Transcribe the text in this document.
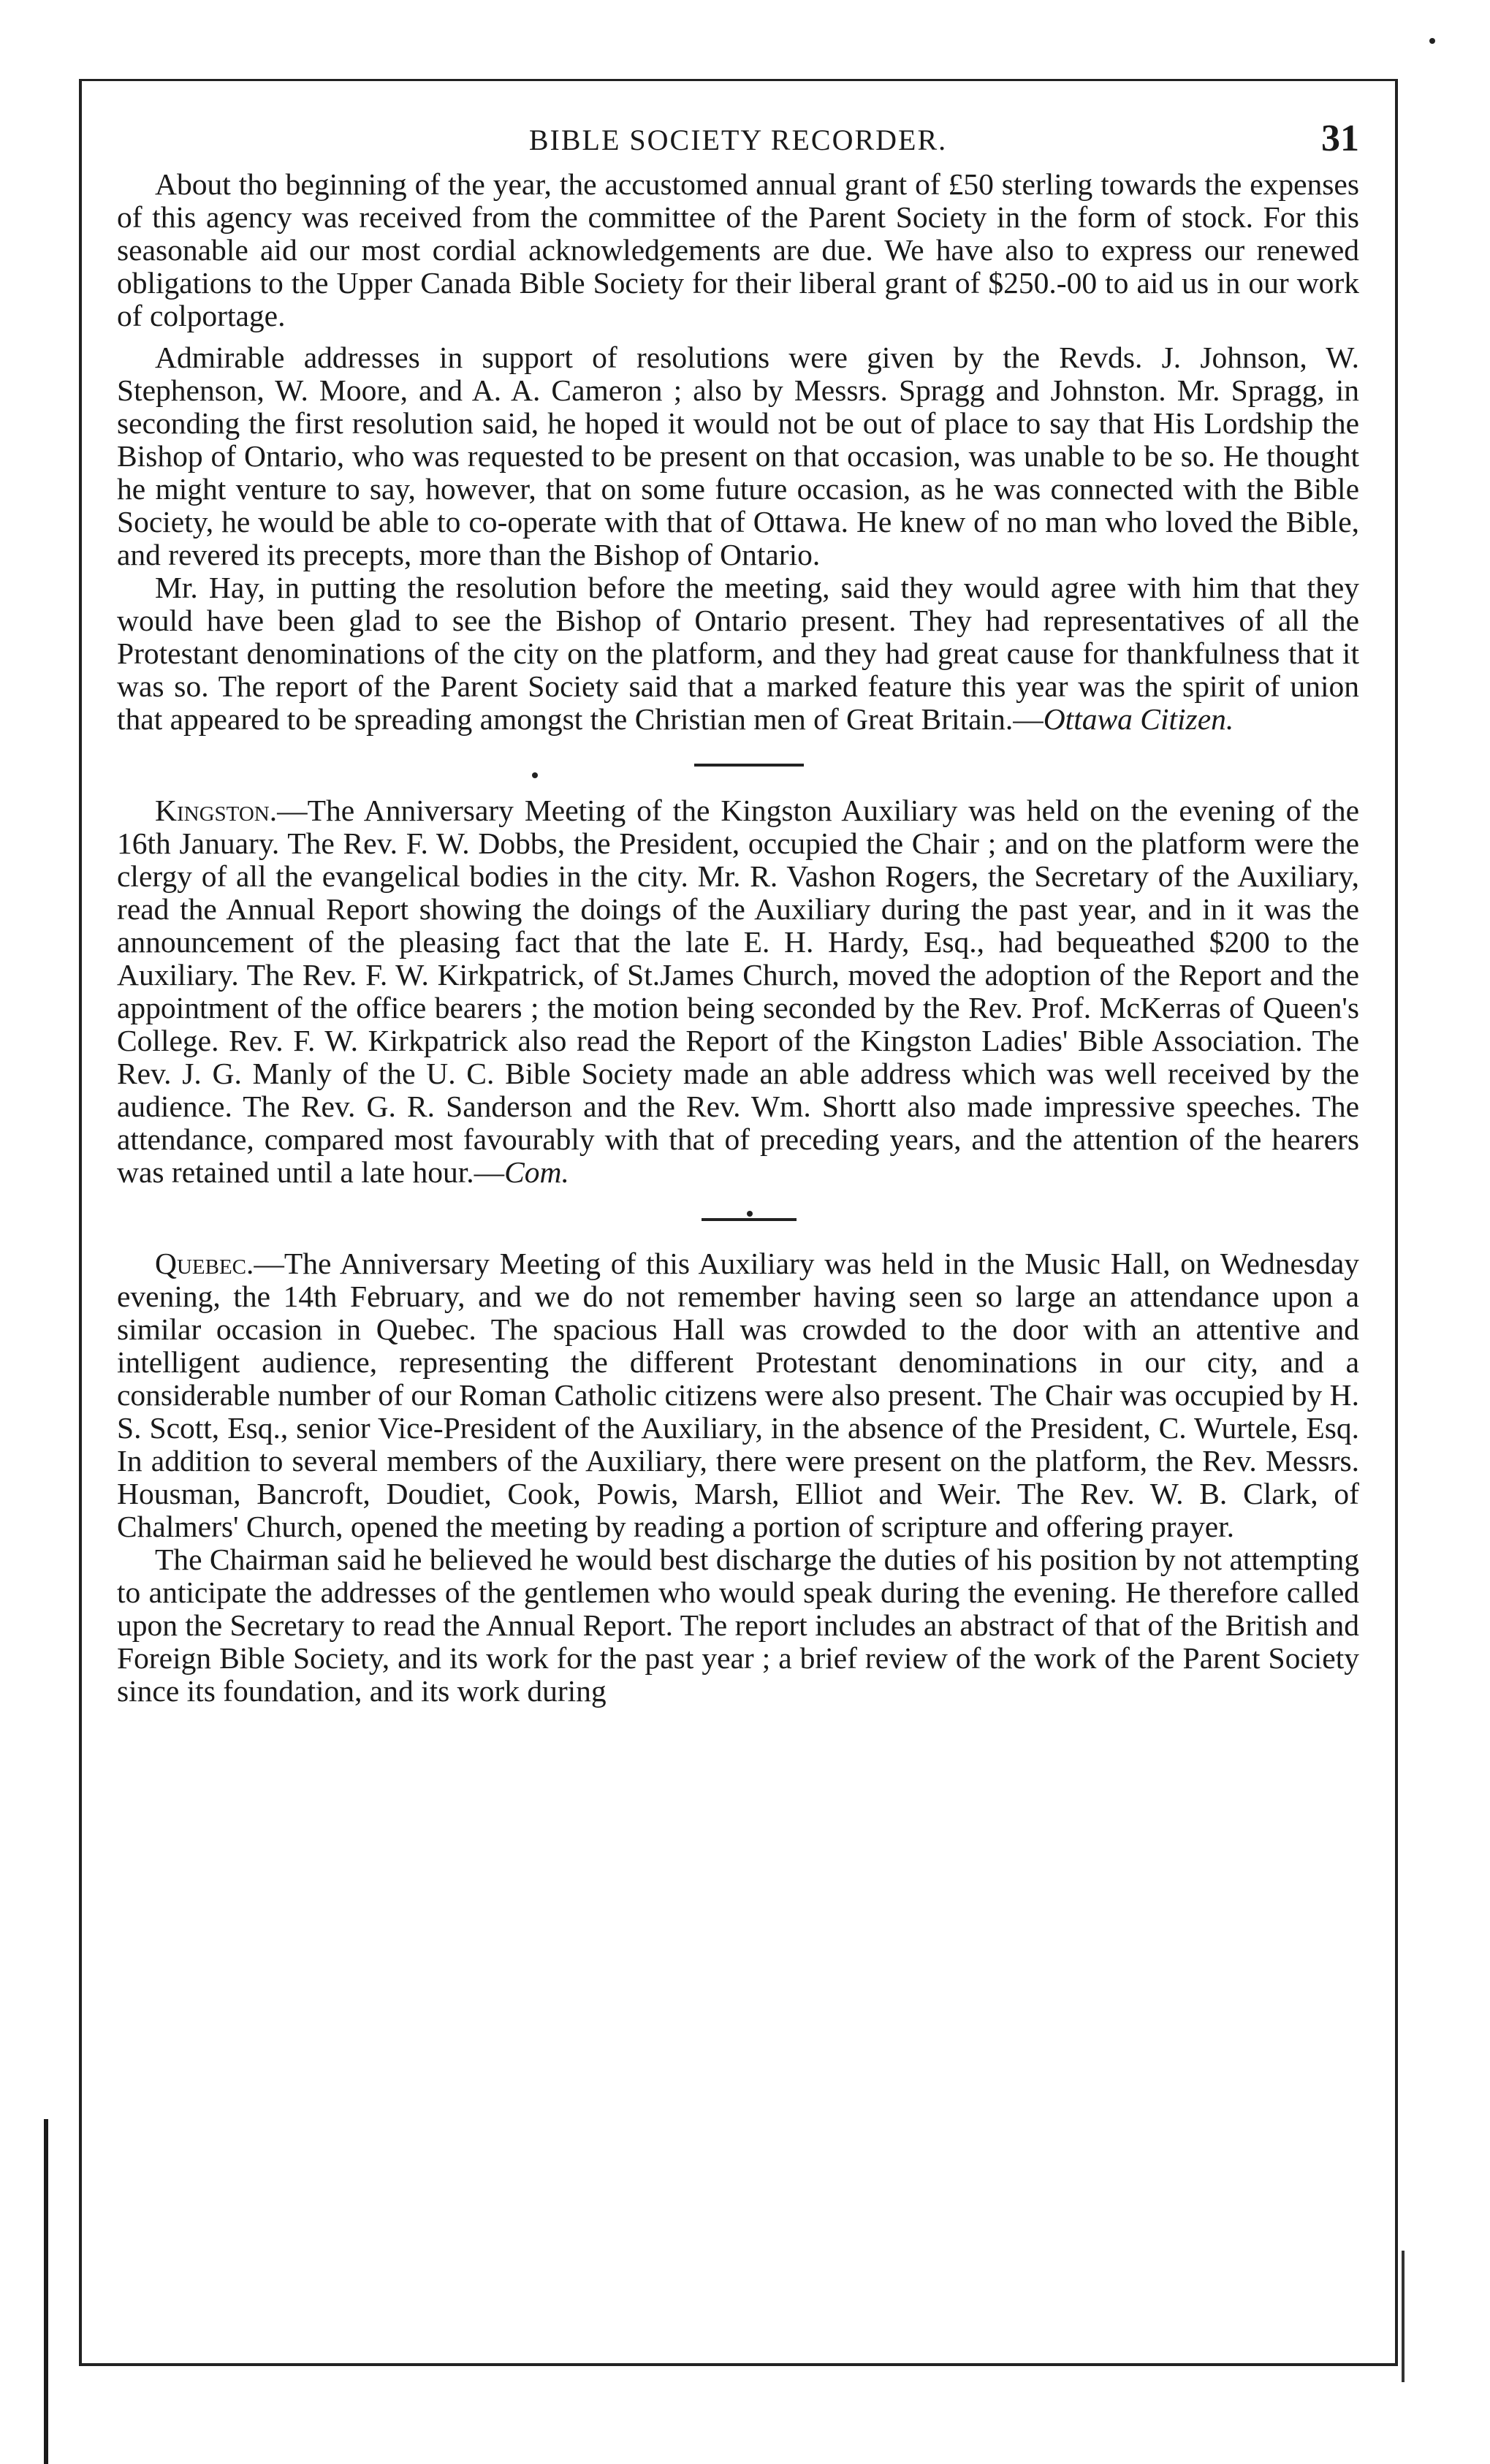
BIBLE SOCIETY RECORDER.	31

About tho beginning of the year, the accustomed annual grant of £50 sterling towards the expenses of this agency was received from the committee of the Parent Society in the form of stock. For this seasonable aid our most cordial acknowledgements are due. We have also to express our renewed obligations to the Upper Canada Bible Society for their liberal grant of $250.-00 to aid us in our work of colportage.

Admirable addresses in support of resolutions were given by the Revds. J. Johnson, W. Stephenson, W. Moore, and A. A. Cameron ; also by Messrs. Spragg and Johnston. Mr. Spragg, in seconding the first resolution said, he hoped it would not be out of place to say that His Lordship the Bishop of Ontario, who was requested to be present on that occasion, was unable to be so. He thought he might venture to say, however, that on some future occasion, as he was connected with the Bible Society, he would be able to co-operate with that of Ottawa. He knew of no man who loved the Bible, and revered its precepts, more than the Bishop of Ontario.

Mr. Hay, in putting the resolution before the meeting, said they would agree with him that they would have been glad to see the Bishop of Ontario present. They had representatives of all the Protestant denominations of the city on the platform, and they had great cause for thankfulness that it was so. The report of the Parent Society said that a marked feature this year was the spirit of union that appeared to be spreading amongst the Christian men of Great Britain.—Ottawa Citizen.

Kingston.—The Anniversary Meeting of the Kingston Auxiliary was held on the evening of the 16th January. The Rev. F. W. Dobbs, the President, occupied the Chair ; and on the platform were the clergy of all the evangelical bodies in the city. Mr. R. Vashon Rogers, the Secretary of the Auxiliary, read the Annual Report showing the doings of the Auxiliary during the past year, and in it was the announcement of the pleasing fact that the late E. H. Hardy, Esq., had bequeathed $200 to the Auxiliary. The Rev. F. W. Kirkpatrick, of St.James Church, moved the adoption of the Report and the appointment of the office bearers ; the motion being seconded by the Rev. Prof. McKerras of Queen's College. Rev. F. W. Kirkpatrick also read the Report of the Kingston Ladies' Bible Association. The Rev. J. G. Manly of the U. C. Bible Society made an able address which was well received by the audience. The Rev. G. R. Sanderson and the Rev. Wm. Shortt also made impressive speeches. The attendance, compared most favourably with that of preceding years, and the attention of the hearers was retained until a late hour.—Com.

Quebec.—The Anniversary Meeting of this Auxiliary was held in the Music Hall, on Wednesday evening, the 14th February, and we do not remember having seen so large an attendance upon a similar occasion in Quebec. The spacious Hall was crowded to the door with an attentive and intelligent audience, representing the different Protestant denominations in our city, and a considerable number of our Roman Catholic citizens were also present. The Chair was occupied by H. S. Scott, Esq., senior Vice-President of the Auxiliary, in the absence of the President, C. Wurtele, Esq. In addition to several members of the Auxiliary, there were present on the platform, the Rev. Messrs. Housman, Bancroft, Doudiet, Cook, Powis, Marsh, Elliot and Weir. The Rev. W. B. Clark, of Chalmers' Church, opened the meeting by reading a portion of scripture and offering prayer.

The Chairman said he believed he would best discharge the duties of his position by not attempting to anticipate the addresses of the gentlemen who would speak during the evening. He therefore called upon the Secretary to read the Annual Report. The report includes an abstract of that of the British and Foreign Bible Society, and its work for the past year ; a brief review of the work of the Parent Society since its foundation, and its work during
